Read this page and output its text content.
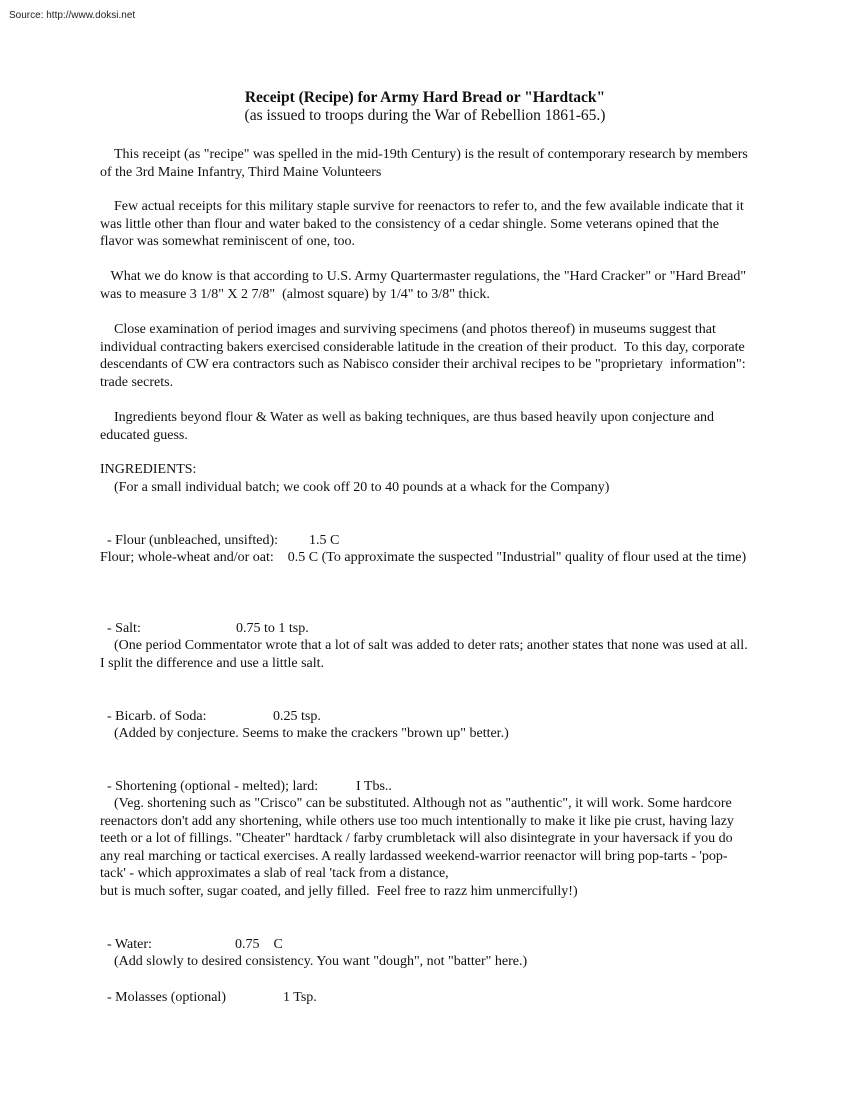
Source: http://www.doksi.net
Receipt (Recipe) for Army Hard Bread or "Hardtack"
(as issued to troops during the War of Rebellion 1861-65.)

This receipt (as "recipe" was spelled in the mid-19th Century) is the result of contemporary research by members of the 3rd Maine Infantry, Third Maine Volunteers

Few actual receipts for this military staple survive for reenactors to refer to, and the few available indicate that it was little other than flour and water baked to the consistency of a cedar shingle. Some veterans opined that the flavor was somewhat reminiscent of one, too.

What we do know is that according to U.S. Army Quartermaster regulations, the "Hard Cracker" or "Hard Bread" was to measure 3 1/8" X 2 7/8"  (almost square) by 1/4" to 3/8" thick.

Close examination of period images and surviving specimens (and photos thereof) in museums suggest that individual contracting bakers exercised considerable latitude in the creation of their product.  To this day, corporate descendants of CW era contractors such as Nabisco consider their archival recipes to be "proprietary  information": trade secrets.

Ingredients beyond flour & Water as well as baking techniques, are thus based heavily upon conjecture and educated guess.

INGREDIENTS:

(For a small individual batch; we cook off 20 to 40 pounds at a whack for the Company)

- Flour (unbleached, unsifted): 1.5 C

Flour; whole-wheat and/or oat:    0.5 C (To approximate the suspected "Industrial" quality of flour used at the time)

- Salt:	0.75 to 1 tsp.

(One period Commentator wrote that a lot of salt was added to deter rats; another states that none was used at all.  I split the difference and use a little salt.

- Bicarb. of Soda:	0.25 tsp.

(Added by conjecture. Seems to make the crackers "brown up" better.)

- Shortening (optional - melted); lard:	I Tbs..

(Veg. shortening such as "Crisco" can be substituted. Although not as "authentic", it will work. Some hardcore reenactors don't add any shortening, while others use too much intentionally to make it like pie crust, having lazy teeth or a lot of fillings. "Cheater" hardtack / farby crumbletack will also disintegrate in your haversack if you do any real marching or tactical exercises. A really lardassed weekend-warrior reenactor will bring pop-tarts - 'pop-tack' - which approximates a slab of real 'tack from a distance,
but is much softer, sugar coated, and jelly filled.  Feel free to razz him unmercifully!)

- Water:	0.75    C

(Add slowly to desired consistency. You want "dough", not "batter" here.)

- Molasses (optional)	1 Tsp.
